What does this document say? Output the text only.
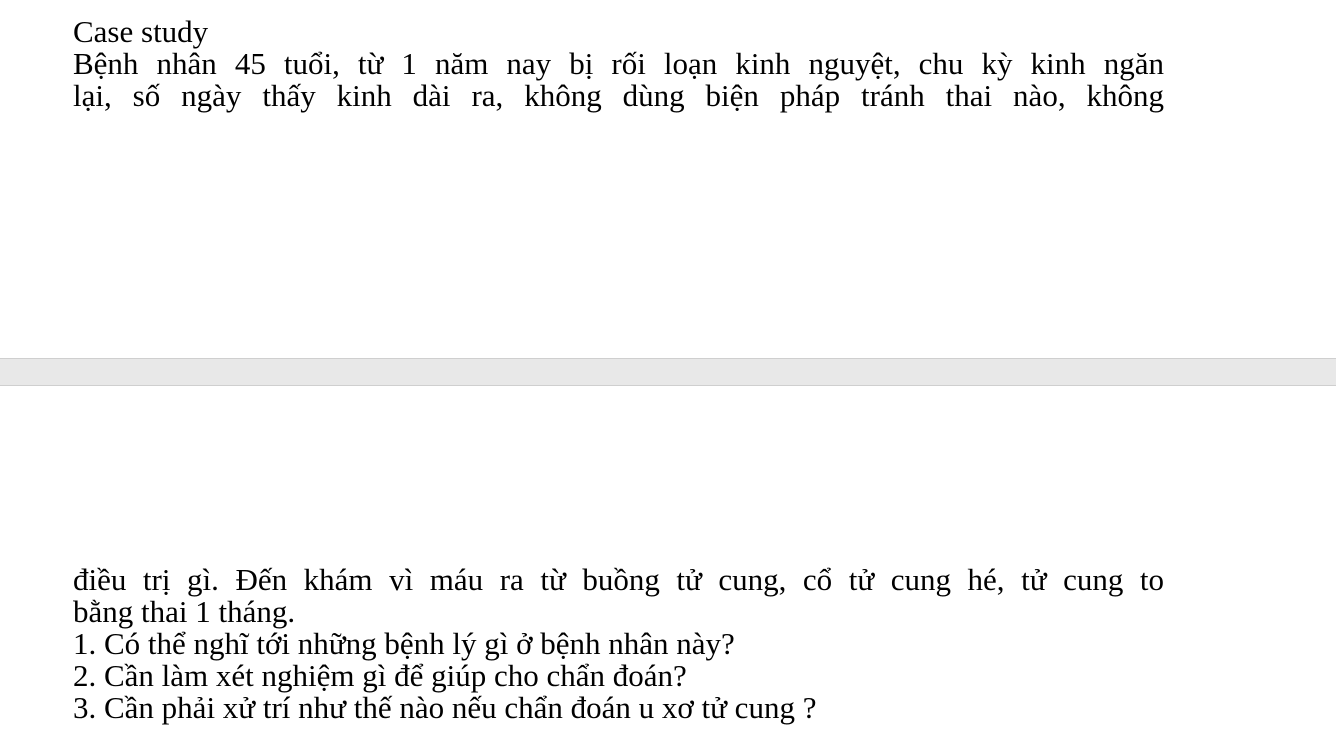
Case study
Bệnh nhân 45 tuổi, từ 1 năm nay bị rối loạn kinh nguyệt, chu kỳ kinh ngăn
lại, số ngày thấy kinh dài ra, không dùng biện pháp tránh thai nào, không
điều trị gì. Đến khám vì máu ra từ buồng tử cung, cổ tử cung hé, tử cung to
bằng thai 1 tháng.
1. Có thể nghĩ tới những bệnh lý gì ở bệnh nhân này?
2. Cần làm xét nghiệm gì để giúp cho chẩn đoán?
3. Cần phải xử trí như thế nào nếu chẩn đoán u xơ tử cung ?
